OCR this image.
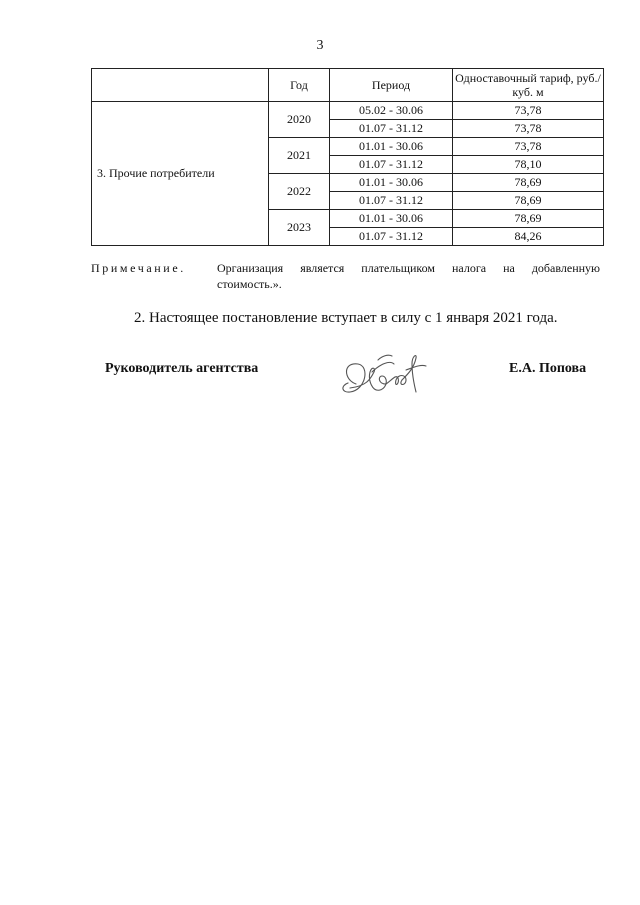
3
	Год	Период	Одноставочный тариф, руб./куб. м
3. Прочие потребители	2020	05.02 - 30.06	73,78
		01.07 - 31.12	73,78
	2021	01.01 - 30.06	73,78
		01.07 - 31.12	78,10
	2022	01.01 - 30.06	78,69
		01.07 - 31.12	78,69
	2023	01.01 - 30.06	78,69
		01.07 - 31.12	84,26
Примечание.	Организация является плательщиком налога на добавленную
стоимость.».
2. Настоящее постановление вступает в силу с 1 января 2021 года.
Руководитель агентства	Е.А. Попова
